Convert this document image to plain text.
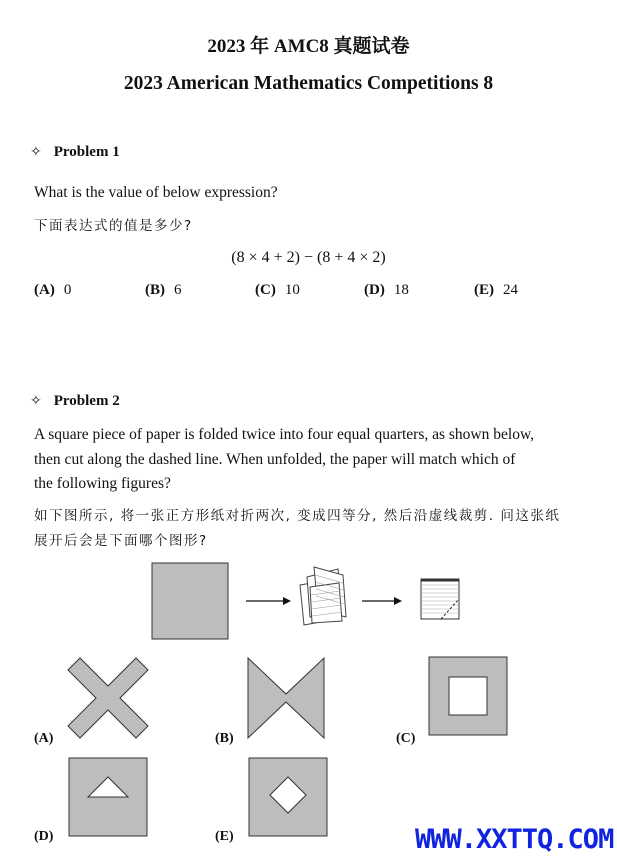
2023 年 AMC8 真题试卷
2023 American Mathematics Competitions 8
✧ Problem 1
What is the value of below expression?
下面表达式的值是多少?
(8 × 4 + 2) − (8 + 4 × 2)
(A) 0	(B) 6	(C) 10	(D) 18	(E) 24
✧ Problem 2
A square piece of paper is folded twice into four equal quarters, as shown below,
then cut along the dashed line. When unfolded, the paper will match which of
the following figures?
如下图所示, 将一张正方形纸对折两次, 变成四等分, 然后沿虚线裁剪. 问这张纸
展开后会是下面哪个图形?
(A)	(B)	(C)
(D)	(E)	WWW.XXTTQ.COM
